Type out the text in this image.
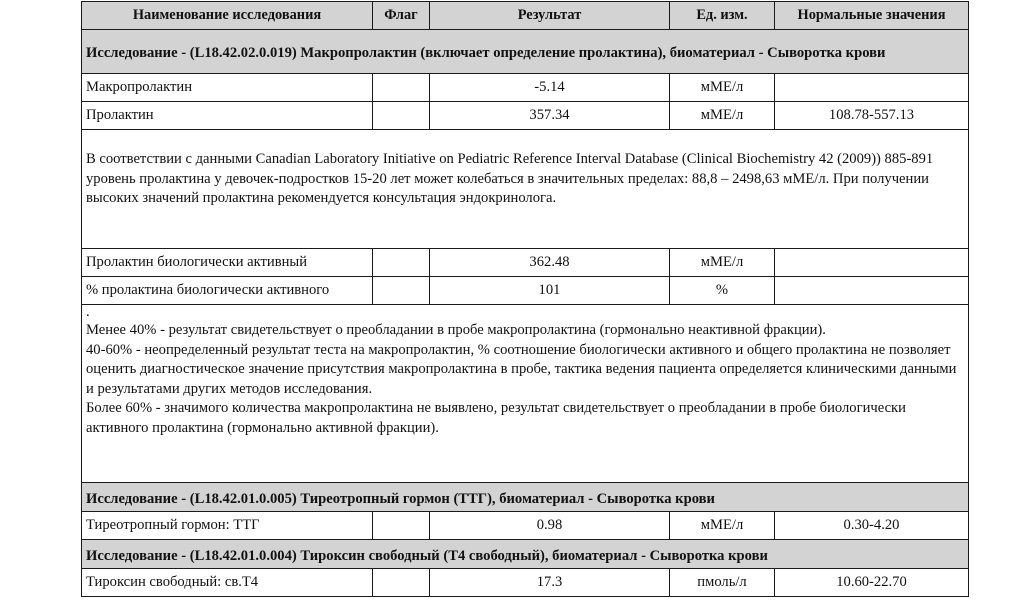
Наименование исследования	Флаг	Результат	Ед. изм.	Нормальные значения
Исследование - (L18.42.02.0.019) Макропролактин (включает определение пролактина), биоматериал - Сыворотка крови				
Макропролактин		-5.14	мМЕ/л	
Пролактин		357.34	мМЕ/л	108.78-557.13
В соответствии с данными Canadian Laboratory Initiative on Pediatric Reference Interval Database (Clinical Biochemistry 42 (2009)) 885-891 уровень пролактина у девочек-подростков 15-20 лет может колебаться в значительных пределах: 88,8 – 2498,63 мМЕ/л. При получении высоких значений пролактина рекомендуется консультация эндокринолога.				
Пролактин биологически активный		362.48	мМЕ/л	
% пролактина биологически активного		101	%	

.
Менее 40% - результат свидетельствует о преобладании в пробе макропролактина (гормонально неактивной фракции).
40-60% - неопределенный результат теста на макропролактин, % соотношение биологически активного и общего пролактина не позволяет оценить диагностическое значение присутствия макропролактина в пробе, тактика ведения пациента определяется клиническими данными и результатами других методов исследования.
Более 60% - значимого количества макропролактина не выявлено, результат свидетельствует о преобладании в пробе биологически активного пролактина (гормонально активной фракции).				

Исследование - (L18.42.01.0.005) Тиреотропный гормон (ТТГ), биоматериал - Сыворотка крови				
Тиреотропный гормон: ТТГ		0.98	мМЕ/л	0.30-4.20
Исследование - (L18.42.01.0.004) Тироксин свободный (Т4 свободный), биоматериал - Сыворотка крови				
Тироксин свободный: св.Т4		17.3	пмоль/л	10.60-22.70
